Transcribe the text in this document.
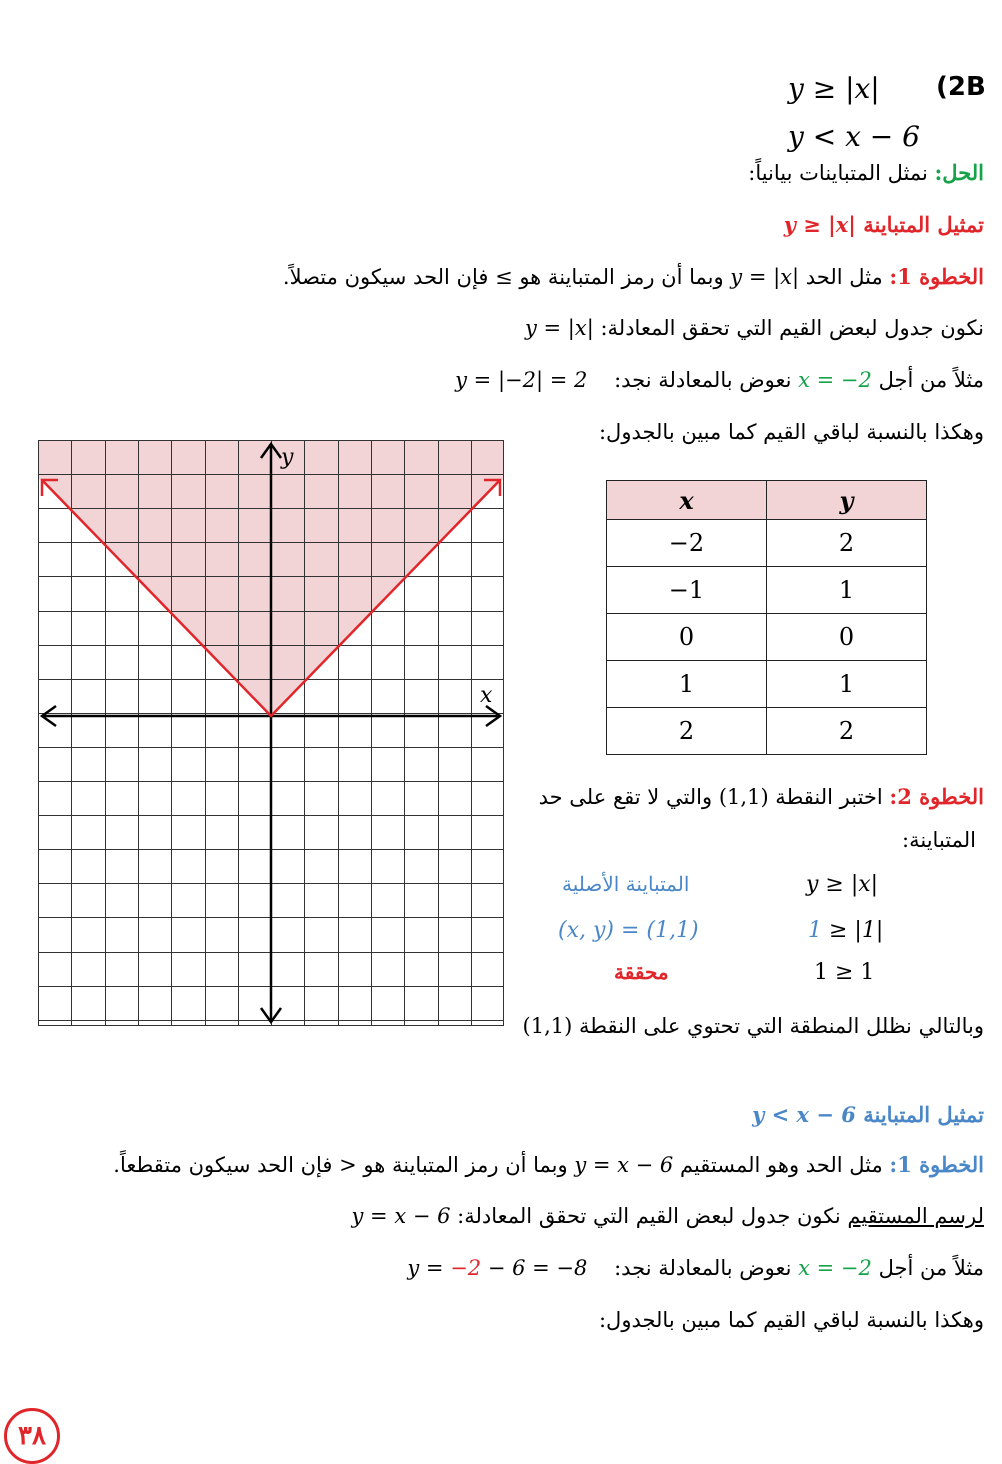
y ≥ |x| (2B
y < x − 6
الحل: نمثل المتباينات بيانياً:
تمثيل المتباينة y ≥ |x|
الخطوة 1: مثل الحد y = |x| وبما أن رمز المتباينة هو ≥ فإن الحد سيكون متصلاً.
نكون جدول لبعض القيم التي تحقق المعادلة: y = |x|
مثلاً من أجل x = −2 نعوض بالمعادلة نجد:    y = |−2| = 2
وهكذا بالنسبة لباقي القيم كما مبين بالجدول:
x	y
−2	2
−1	1
0	0
1	1
2	2
y
x
الخطوة 2: اختبر النقطة (1,1) والتي لا تقع على حد
المتباينة:
y ≥ |x|
المتباينة الأصلية
1 ≥ |1|
(x, y) = (1,1)
1 ≥ 1
محققة
وبالتالي نظلل المنطقة التي تحتوي على النقطة (1,1)
تمثيل المتباينة y < x − 6
الخطوة 1: مثل الحد وهو المستقيم y = x − 6 وبما أن رمز المتباينة هو < فإن الحد سيكون متقطعاً.
لرسم المستقيم نكون جدول لبعض القيم التي تحقق المعادلة: y = x − 6
مثلاً من أجل x = −2 نعوض بالمعادلة نجد:    y = −2 − 6 = −8
وهكذا بالنسبة لباقي القيم كما مبين بالجدول:
٣٨
